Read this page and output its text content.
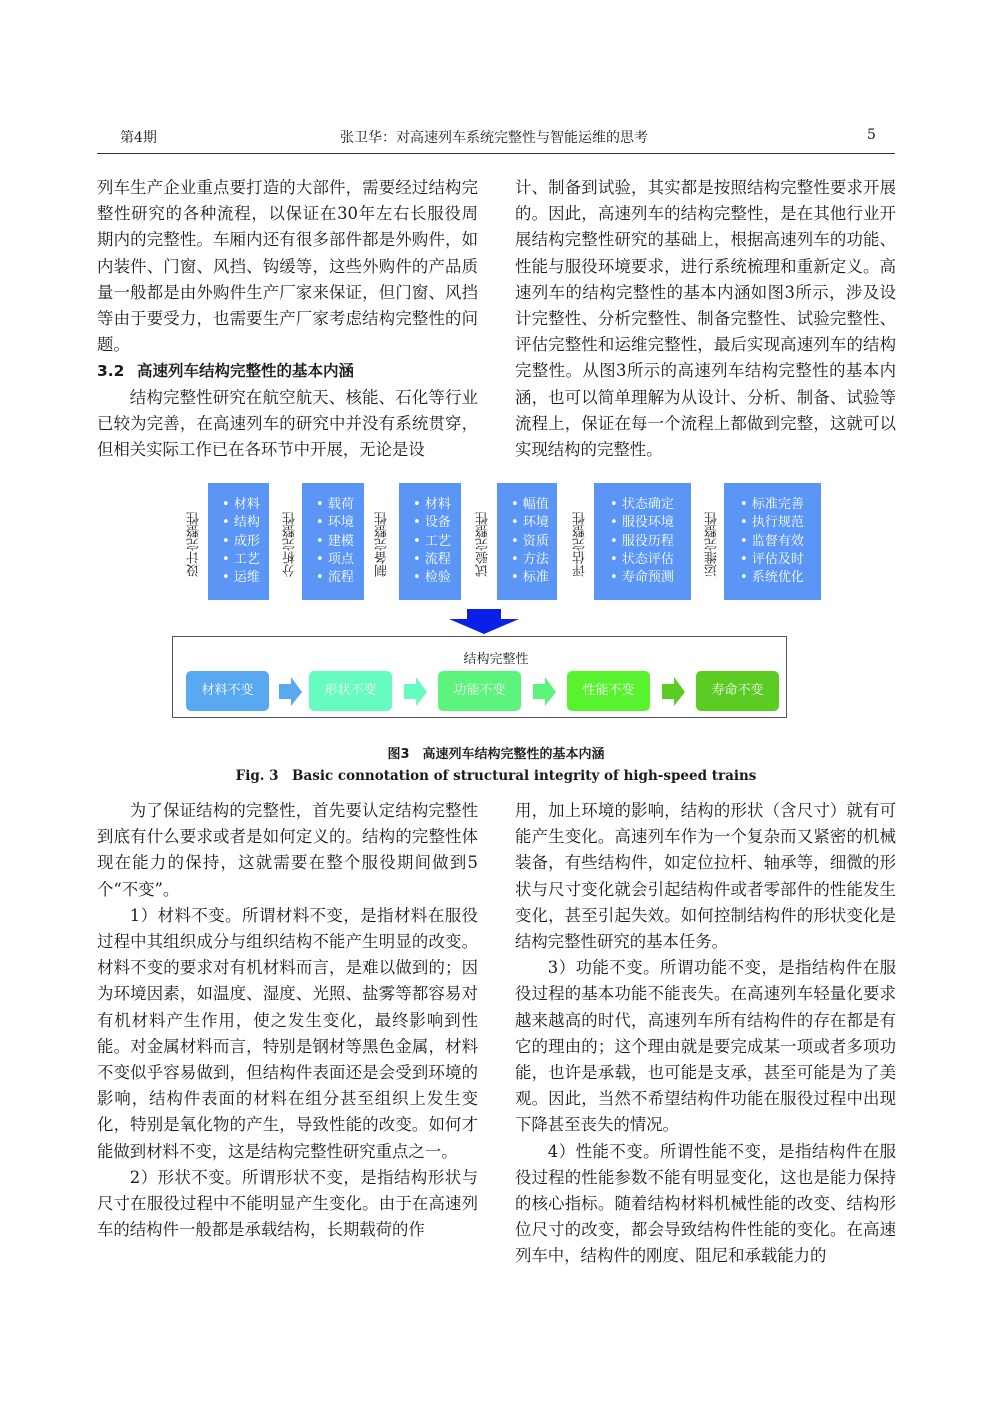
第4期	张卫华：对高速列车系统完整性与智能运维的思考	5

列车生产企业重点要打造的大部件，需要经过结构完整性研究的各种流程，以保证在30年左右长服役周期内的完整性。车厢内还有很多部件都是外购件，如内装件、门窗、风挡、钩缓等，这些外购件的产品质量一般都是由外购件生产厂家来保证，但门窗、风挡等由于要受力，也需要生产厂家考虑结构完整性的问题。

3.2 高速列车结构完整性的基本内涵

结构完整性研究在航空航天、核能、石化等行业已较为完善，在高速列车的研究中并没有系统贯穿，但相关实际工作已在各环节中开展，无论是设

计、制备到试验，其实都是按照结构完整性要求开展的。因此，高速列车的结构完整性，是在其他行业开展结构完整性研究的基础上，根据高速列车的功能、性能与服役环境要求，进行系统梳理和重新定义。高速列车的结构完整性的基本内涵如图3所示，涉及设计完整性、分析完整性、制备完整性、试验完整性、评估完整性和运维完整性，最后实现高速列车的结构完整性。从图3所示的高速列车结构完整性的基本内涵，也可以简单理解为从设计、分析、制备、试验等流程上，保证在每一个流程上都做到完整，这就可以实现结构的完整性。

设计完整性
• 材料
• 结构
• 成形
• 工艺
• 运维
分析完整性
• 载荷
• 环境
• 建模
• 项点
• 流程
制备完整性
• 材料
• 设备
• 工艺
• 流程
• 检验
试验完整性
• 幅值
• 环境
• 资质
• 方法
• 标准
评估完整性
• 状态确定
• 服役环境
• 服役历程
• 状态评估
• 寿命预测
运维完整性
• 标准完善
• 执行规范
• 监督有效
• 评估及时
• 系统优化
结构完整性
材料不变	形状不变	功能不变	性能不变	寿命不变
图3　高速列车结构完整性的基本内涵
Fig. 3　Basic connotation of structural integrity of high-speed trains

为了保证结构的完整性，首先要认定结构完整性到底有什么要求或者是如何定义的。结构的完整性体现在能力的保持，这就需要在整个服役期间做到5个“不变”。

1）材料不变。所谓材料不变，是指材料在服役过程中其组织成分与组织结构不能产生明显的改变。材料不变的要求对有机材料而言，是难以做到的；因为环境因素，如温度、湿度、光照、盐雾等都容易对有机材料产生作用，使之发生变化，最终影响到性能。对金属材料而言，特别是钢材等黑色金属，材料不变似乎容易做到，但结构件表面还是会受到环境的影响，结构件表面的材料在组分甚至组织上发生变化，特别是氧化物的产生，导致性能的改变。如何才能做到材料不变，这是结构完整性研究重点之一。

2）形状不变。所谓形状不变，是指结构形状与尺寸在服役过程中不能明显产生变化。由于在高速列车的结构件一般都是承载结构，长期载荷的作

用，加上环境的影响，结构的形状（含尺寸）就有可能产生变化。高速列车作为一个复杂而又紧密的机械装备，有些结构件，如定位拉杆、轴承等，细微的形状与尺寸变化就会引起结构件或者零部件的性能发生变化，甚至引起失效。如何控制结构件的形状变化是结构完整性研究的基本任务。

3）功能不变。所谓功能不变，是指结构件在服役过程的基本功能不能丧失。在高速列车轻量化要求越来越高的时代，高速列车所有结构件的存在都是有它的理由的；这个理由就是要完成某一项或者多项功能，也许是承载，也可能是支承，甚至可能是为了美观。因此，当然不希望结构件功能在服役过程中出现下降甚至丧失的情况。

4）性能不变。所谓性能不变，是指结构件在服役过程的性能参数不能有明显变化，这也是能力保持的核心指标。随着结构材料机械性能的改变、结构形位尺寸的改变，都会导致结构件性能的变化。在高速列车中，结构件的刚度、阻尼和承载能力的
